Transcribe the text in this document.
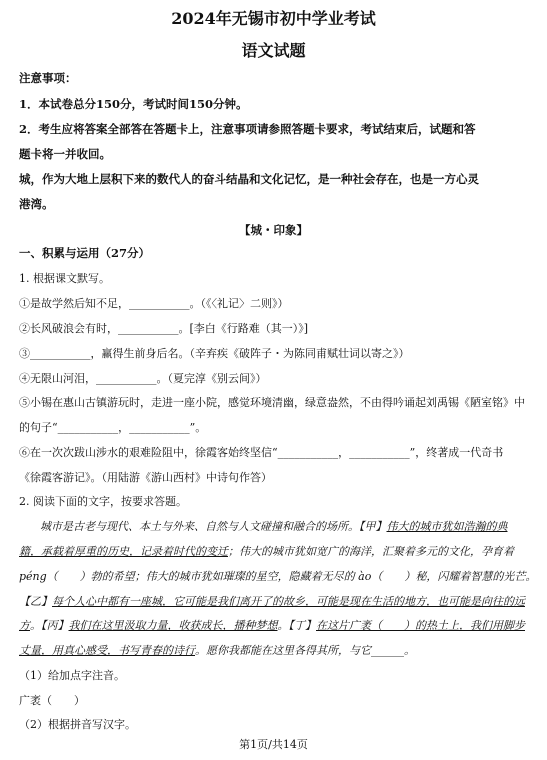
2024年无锡市初中学业考试
语文试题
注意事项：
1．本试卷总分150分，考试时间150分钟。
2．考生应将答案全部答在答题卡上，注意事项请参照答题卡要求，考试结束后，试题和答
题卡将一并收回。
城，作为大地上层积下来的数代人的奋斗结晶和文化记忆，是一种社会存在，也是一方心灵
港湾。
【城・印象】
一、积累与运用（27分）
1. 根据课文默写。
①是故学然后知不足，___________。（《〈礼记〉二则》）
②长风破浪会有时，___________。[李白《行路难（其一）》]
③___________，赢得生前身后名。（辛弃疾《破阵子・为陈同甫赋壮词以寄之》）
④无限山河泪，___________。（夏完淳《别云间》）
⑤小锡在惠山古镇游玩时，走进一座小院，感觉环境清幽，绿意盎然，不由得吟诵起刘禹锡《陋室铭》中
的句子“___________，___________”。
⑥在一次次跋山涉水的艰难险阻中，徐霞客始终坚信“___________，___________”，终著成一代奇书
《徐霞客游记》。（用陆游《游山西村》中诗句作答）
2. 阅读下面的文字，按要求答题。
城市是古老与现代、本土与外来、自然与人文碰撞和融合的场所。【甲】伟大的城市犹如浩瀚的典
籍，承载着厚重的历史，记录着时代的变迁；伟大的城市犹如宽广的海洋，汇聚着多元的文化，孕育着
péng（　　）勃的希望；伟大的城市犹如璀璨的星空，隐藏着无尽的 ào（　　）秘，闪耀着智慧的光芒。
【乙】每个人心中都有一座城，它可能是我们离开了的故乡，可能是现在生活的地方，也可能是向往的远
方。【丙】我们在这里汲取力量，收获成长，播种梦想。【丁】在这片广袤（　　）的热土上，我们用脚步
丈量，用真心感受，书写青春的诗行。愿你我都能在这里各得其所，与它______。
（1）给加点字注音。
广袤（　　）
（2）根据拼音写汉字。
第1页/共14页
